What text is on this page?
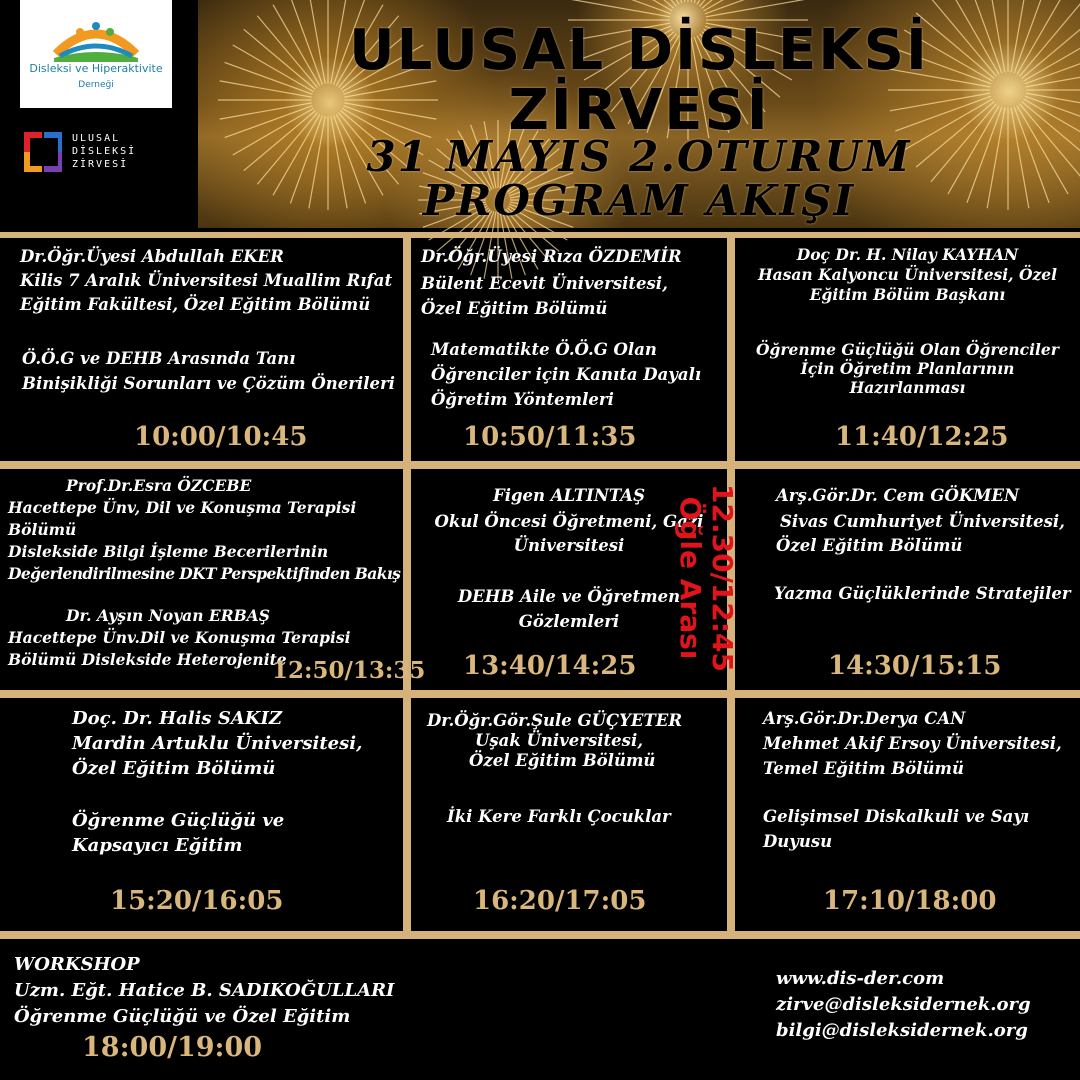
Disleksi ve Hiperaktivite
Derneği
ULUSAL
DİSLEKSİ
ZİRVESİ
ULUSAL DİSLEKSİ
ZİRVESİ
31 MAYIS 2.OTURUM
PROGRAM AKIŞI
Dr.Öğr.Üyesi Abdullah EKER
Kilis 7 Aralık Üniversitesi Muallim Rıfat
Eğitim Fakültesi, Özel Eğitim Bölümü
Ö.Ö.G ve DEHB Arasında Tanı
Binişikliği Sorunları ve Çözüm Önerileri
10:00/10:45
Dr.Öğr.Üyesi Rıza ÖZDEMİR
Bülent Ecevit Üniversitesi,
Özel Eğitim Bölümü
Matematikte Ö.Ö.G Olan
Öğrenciler için Kanıta Dayalı
Öğretim Yöntemleri
10:50/11:35
Doç Dr. H. Nilay KAYHAN
Hasan Kalyoncu Üniversitesi, Özel
Eğitim Bölüm Başkanı
Öğrenme Güçlüğü Olan Öğrenciler
İçin Öğretim Planlarının
Hazırlanması
11:40/12:25
Prof.Dr.Esra ÖZCEBE
Hacettepe Ünv, Dil ve Konuşma Terapisi
Bölümü
Dislekside Bilgi İşleme Becerilerinin
Değerlendirilmesine DKT Perspektifinden Bakış
Dr. Ayşın Noyan ERBAŞ
Hacettepe Ünv.Dil ve Konuşma Terapisi
Bölümü Dislekside Heterojenite
12:50/13:35
Figen ALTINTAŞ
Okul Öncesi Öğretmeni, Gazi
Üniversitesi
DEHB Aile ve Öğretmen
Gözlemleri
13:40/14:25
Arş.Gör.Dr. Cem GÖKMEN
Sivas Cumhuriyet Üniversitesi,
Özel Eğitim Bölümü
Yazma Güçlüklerinde Stratejiler
14:30/15:15
12.30/12:45
Öğle Arası
Doç. Dr. Halis SAKIZ
Mardin Artuklu Üniversitesi,
Özel Eğitim Bölümü
Öğrenme Güçlüğü ve
Kapsayıcı Eğitim
15:20/16:05
Dr.Öğr.Gör.Şule GÜÇYETER
Uşak Üniversitesi,
Özel Eğitim Bölümü
İki Kere Farklı Çocuklar
16:20/17:05
Arş.Gör.Dr.Derya CAN
Mehmet Akif Ersoy Üniversitesi,
Temel Eğitim Bölümü
Gelişimsel Diskalkuli ve Sayı
Duyusu
17:10/18:00
WORKSHOP
Uzm. Eğt. Hatice B. SADIKOĞULLARI
Öğrenme Güçlüğü ve Özel Eğitim
18:00/19:00
www.dis-der.com
zirve@disleksidernek.org
bilgi@disleksidernek.org
